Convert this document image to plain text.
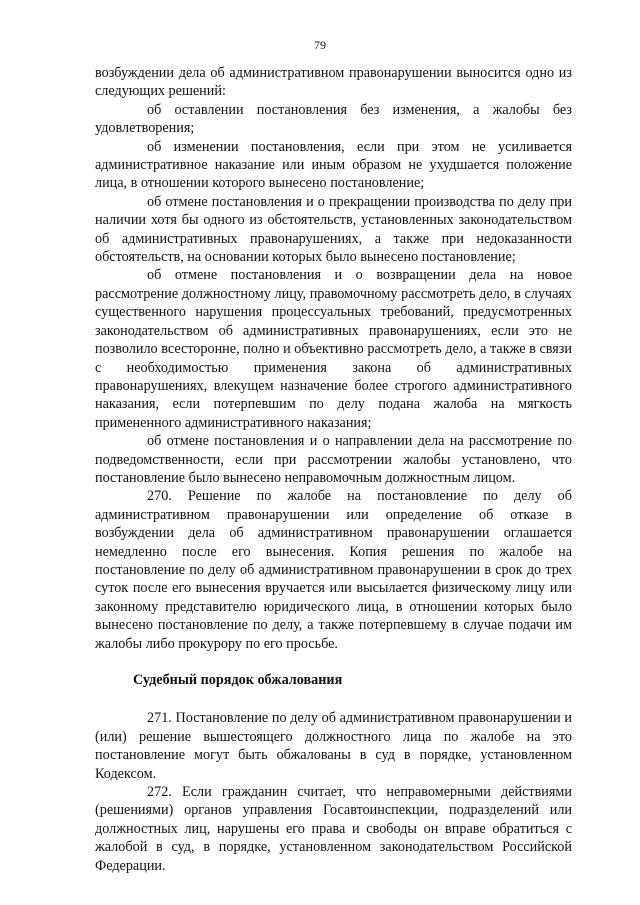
79

возбуждении дела об административном правонарушении выносится одно из следующих решений:

об оставлении постановления без изменения, а жалобы без удовлетворения;

об изменении постановления, если при этом не усиливается административное наказание или иным образом не ухудшается положение лица, в отношении которого вынесено постановление;

об отмене постановления и о прекращении производства по делу при наличии хотя бы одного из обстоятельств, установленных законодательством об административных правонарушениях, а также при недоказанности обстоятельств, на основании которых было вынесено постановление;

об отмене постановления и о возвращении дела на новое рассмотрение должностному лицу, правомочному рассмотреть дело, в случаях существенного нарушения процессуальных требований, предусмотренных законодательством об административных правонарушениях, если это не позволило всесторонне, полно и объективно рассмотреть дело, а также в связи с необходимостью применения закона об административных правонарушениях, влекущем назначение более строгого административного наказания, если потерпевшим по делу подана жалоба на мягкость примененного административного наказания;

об отмене постановления и о направлении дела на рассмотрение по подведомственности, если при рассмотрении жалобы установлено, что постановление было вынесено неправомочным должностным лицом.

270. Решение по жалобе на постановление по делу об административном правонарушении или определение об отказе в возбуждении дела об административном правонарушении оглашается немедленно после его вынесения. Копия решения по жалобе на постановление по делу об административном правонарушении в срок до трех суток после его вынесения вручается или высылается физическому лицу или законному представителю юридического лица, в отношении которых было вынесено постановление по делу, а также потерпевшему в случае подачи им жалобы либо прокурору по его просьбе.

Судебный порядок обжалования

271. Постановление по делу об административном правонарушении и (или) решение вышестоящего должностного лица по жалобе на это постановление могут быть обжалованы в суд в порядке, установленном Кодексом.

272. Если гражданин считает, что неправомерными действиями (решениями) органов управления Госавтоинспекции, подразделений или должностных лиц, нарушены его права и свободы он вправе обратиться с жалобой в суд, в порядке, установленном законодательством Российской Федерации.
